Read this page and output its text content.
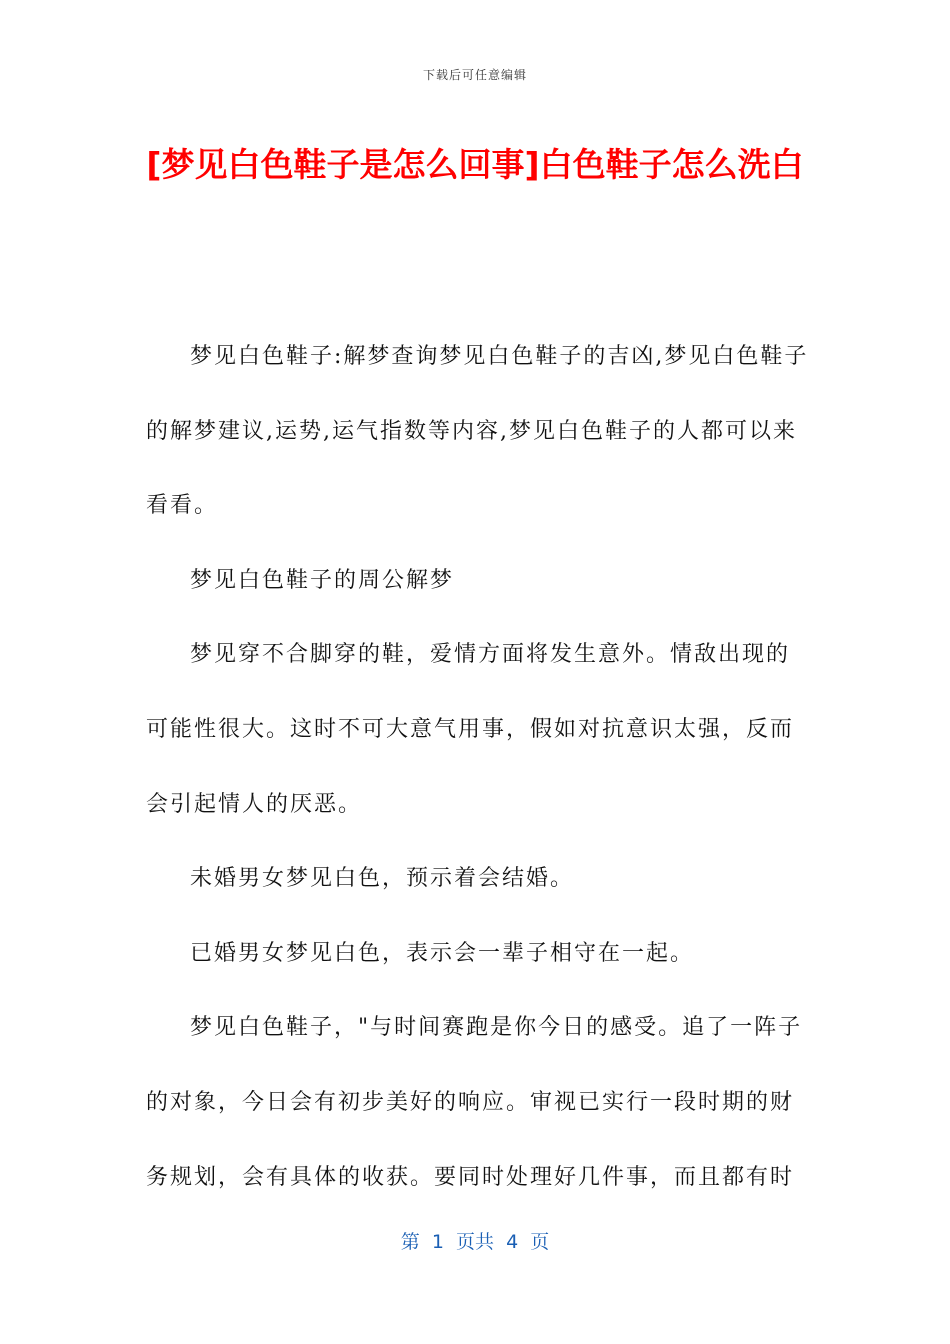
下载后可任意编辑
[梦见白色鞋子是怎么回事]白色鞋子怎么洗白

梦见白色鞋子:解梦查询梦见白色鞋子的吉凶,梦见白色鞋子的解梦建议,运势,运气指数等内容,梦见白色鞋子的人都可以来看看。

梦见白色鞋子的周公解梦

梦见穿不合脚穿的鞋，爱情方面将发生意外。情敌出现的可能性很大。这时不可大意气用事，假如对抗意识太强，反而会引起情人的厌恶。

未婚男女梦见白色，预示着会结婚。

已婚男女梦见白色，表示会一辈子相守在一起。

梦见白色鞋子，"与时间赛跑是你今日的感受。追了一阵子的对象，今日会有初步美好的响应。审视已实行一段时期的财务规划，会有具体的收获。要同时处理好几件事，而且都有时

第  1  页共  4  页
